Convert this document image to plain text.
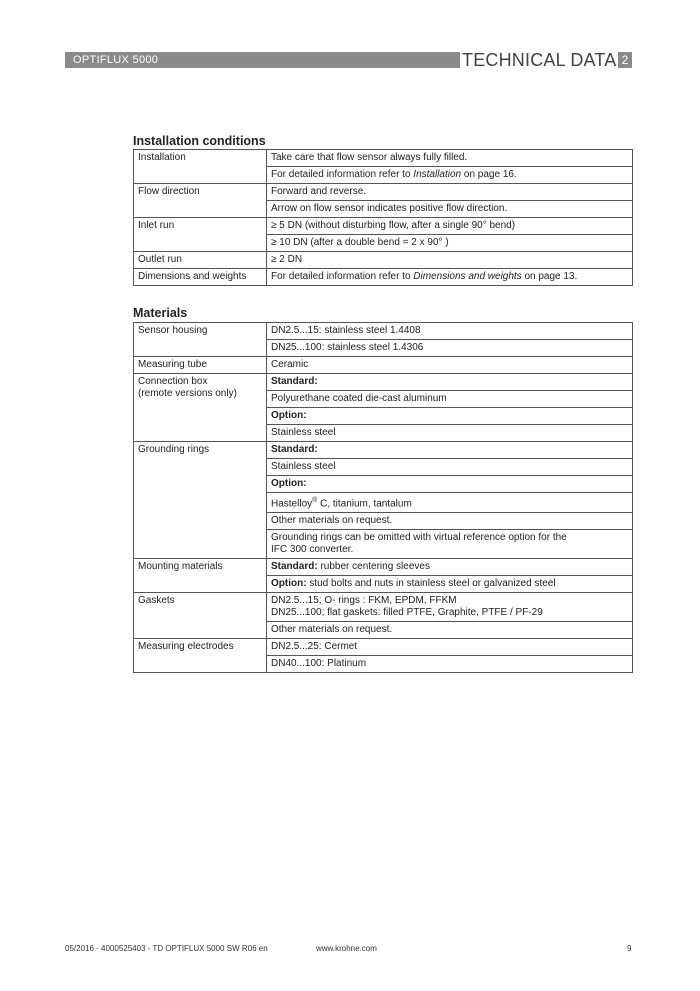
OPTIFLUX 5000	TECHNICAL DATA 2
Installation conditions
Installation	Take care that flow sensor always fully filled.
	For detailed information refer to Installation on page 16.
Flow direction	Forward and reverse.
	Arrow on flow sensor indicates positive flow direction.
Inlet run	≥ 5 DN (without disturbing flow, after a single 90° bend)
	≥ 10 DN (after a double bend = 2 x 90° )
Outlet run	≥ 2 DN
Dimensions and weights	For detailed information refer to Dimensions and weights on page 13.
Materials
Sensor housing	DN2.5...15: stainless steel 1.4408
	DN25...100: stainless steel 1.4306
Measuring tube	Ceramic
Connection box
(remote versions only)	Standard:
	Polyurethane coated die-cast aluminum
	Option:
	Stainless steel
Grounding rings	Standard:
	Stainless steel
	Option:
	Hastelloy® C, titanium, tantalum
	Other materials on request.
	Grounding rings can be omitted with virtual reference option for the
IFC 300 converter.
Mounting materials	Standard: rubber centering sleeves
	Option: stud bolts and nuts in stainless steel or galvanized steel
Gaskets	DN2.5...15; O- rings : FKM, EPDM, FFKM
DN25...100; flat gaskets: filled PTFE, Graphite, PTFE / PF-29
	Other materials on request.
Measuring electrodes	DN2.5...25: Cermet
	DN40...100: Platinum
05/2016 - 4000525403 - TD OPTIFLUX 5000 SW R06 en	www.krohne.com	9
